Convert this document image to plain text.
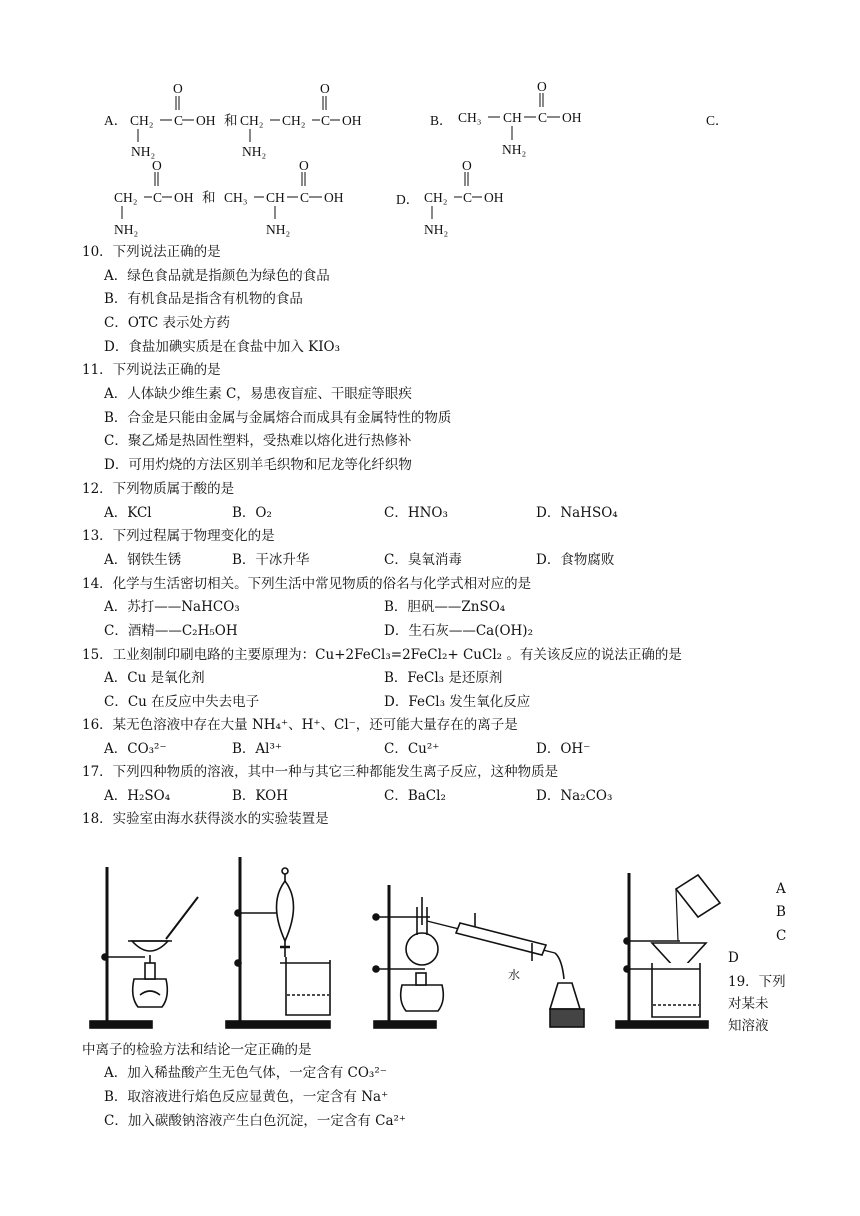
A． CH₂ C OH
O
NH₂
和 CH₂ CH₂ C OH
O
NH₂
B． CH₃ CH C OH
O
NH₂
C．
CH₂ C OH
O
NH₂
和 CH₃ CH C OH
O
NH₂
D． CH₂ C OH
O
NH₂
10．下列说法正确的是
A．绿色食品就是指颜色为绿色的食品
B．有机食品是指含有机物的食品
C．OTC 表示处方药
D．食盐加碘实质是在食盐中加入 KIO₃
11．下列说法正确的是
A．人体缺少维生素 C，易患夜盲症、干眼症等眼疾
B．合金是只能由金属与金属熔合而成具有金属特性的物质
C．聚乙烯是热固性塑料，受热难以熔化进行热修补
D．可用灼烧的方法区别羊毛织物和尼龙等化纤织物
12．下列物质属于酸的是
A．KCl	B．O₂	C．HNO₃	D．NaHSO₄
13．下列过程属于物理变化的是
A．钢铁生锈	B．干冰升华	C．臭氧消毒	D．食物腐败
14．化学与生活密切相关。下列生活中常见物质的俗名与化学式相对应的是
A．苏打——NaHCO₃	B．胆矾——ZnSO₄
C．酒精——C₂H₅OH	D．生石灰——Ca(OH)₂
15．工业刻制印刷电路的主要原理为：Cu+2FeCl₃=2FeCl₂+ CuCl₂ 。有关该反应的说法正确的是
A．Cu 是氧化剂	B．FeCl₃ 是还原剂
C．Cu 在反应中失去电子	D．FeCl₃ 发生氧化反应
16．某无色溶液中存在大量 NH₄⁺、H⁺、Cl⁻，还可能大量存在的离子是
A．CO₃²⁻	B．Al³⁺	C．Cu²⁺	D．OH⁻
17．下列四种物质的溶液，其中一种与其它三种都能发生离子反应，这种物质是
A．H₂SO₄	B．KOH	C．BaCl₂	D．Na₂CO₃
18．实验室由海水获得淡水的实验装置是
水
A
B
C
D
19．下列
对某未
知溶液
中离子的检验方法和结论一定正确的是
A．加入稀盐酸产生无色气体，一定含有 CO₃²⁻
B．取溶液进行焰色反应显黄色，一定含有 Na⁺
C．加入碳酸钠溶液产生白色沉淀，一定含有 Ca²⁺
